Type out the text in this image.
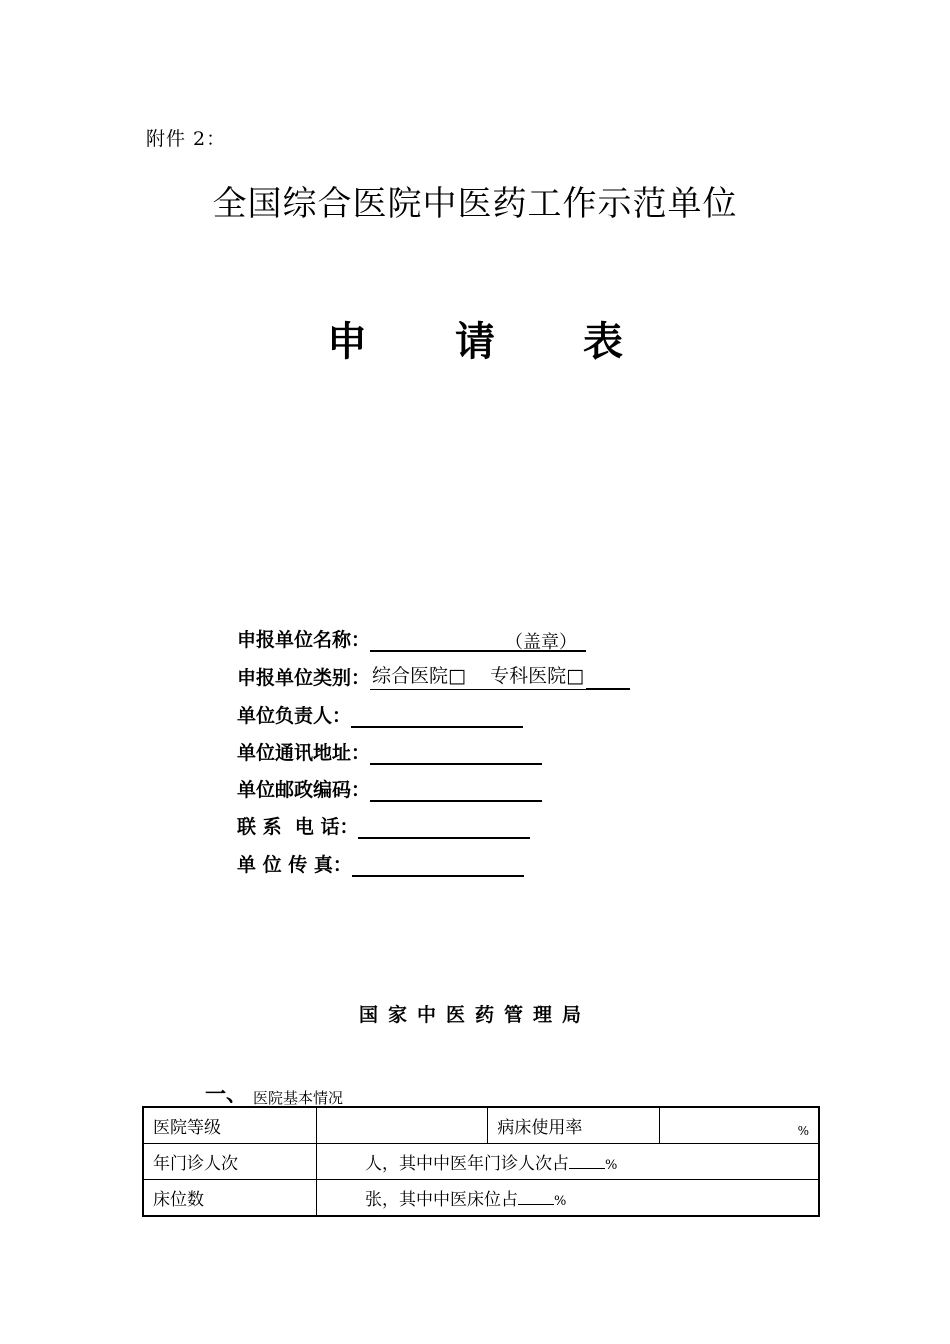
附件 2：
全国综合医院中医药工作示范单位
申 请 表
申报单位名称：	（盖章）
申报单位类别： 综合医院□    专科医院□
单位负责人：
单位通讯地址：
单位邮政编码：
联 系  电 话：
单 位 传 真：
国家中医药管理局
一、 医院基本情况
医院等级		病床使用率	%

年门诊人次	人，其中中医年门诊人次占 %		
床位数	张，其中中医床位占 %		
